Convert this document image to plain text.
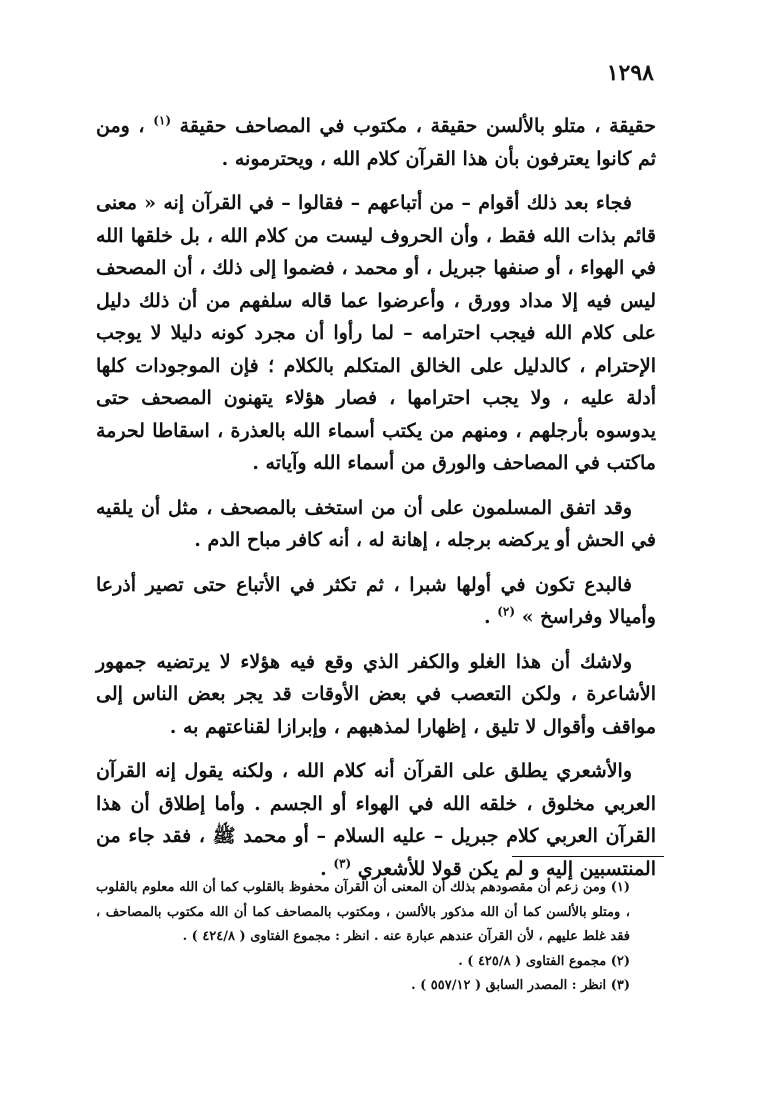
١٢٩٨

حقيقة ، متلو بالألسن حقيقة ، مكتوب في المصاحف حقيقة $^{(١)}$ ، ومن ثم كانوا يعترفون بأن هذا القرآن كلام الله ، ويحترمونه .

فجاء بعد ذلك أقوام – من أتباعهم – فقالوا – في القرآن إنه « معنى قائم بذات الله فقط ، وأن الحروف ليست من كلام الله ، بل خلقها الله في الهواء ، أو صنفها جبريل ، أو محمد ، فضموا إلى ذلك ، أن المصحف ليس فيه إلا مداد وورق ، وأعرضوا عما قاله سلفهم من أن ذلك دليل على كلام الله فيجب احترامه – لما رأوا أن مجرد كونه دليلا لا يوجب الإحترام ، كالدليل على الخالق المتكلم بالكلام ؛ فإن الموجودات كلها أدلة عليه ، ولا يجب احترامها ، فصار هؤلاء يتهنون المصحف حتى يدوسوه بأرجلهم ، ومنهم من يكتب أسماء الله بالعذرة ، اسقاطا لحرمة ماكتب في المصاحف والورق من أسماء الله وآياته .

وقد اتفق المسلمون على أن من استخف بالمصحف ، مثل أن يلقيه في الحش أو يركضه برجله ، إهانة له ، أنه كافر مباح الدم .

فالبدع تكون في أولها شبرا ، ثم تكثر في الأتباع حتى تصير أذرعا وأميالا وفراسخ » $^{(٢)}$ .

ولاشك أن هذا الغلو والكفر الذي وقع فيه هؤلاء لا يرتضيه جمهور الأشاعرة ، ولكن التعصب في بعض الأوقات قد يجر بعض الناس إلى مواقف وأقوال لا تليق ، إظهارا لمذهبهم ، وإبرازا لقناعتهم به .

والأشعري يطلق على القرآن أنه كلام الله ، ولكنه يقول إنه القرآن العربي مخلوق ، خلقه الله في الهواء أو الجسم . وأما إطلاق أن هذا القرآن العربي كلام جبريل – عليه السلام – أو محمد ﷺ ، فقد جاء من المنتسبين إليه و لم يكن قولا للأشعري $^{(٣)}$ .

(١) ومن زعم أن مقصودهم بذلك أن المعنى أن القرآن محفوظ بالقلوب كما أن الله معلوم بالقلوب ، ومتلو بالألسن كما أن الله مذكور بالألسن ، ومكتوب بالمصاحف كما أن الله مكتوب بالمصاحف ، فقد غلط عليهم ، لأن القرآن عندهم عبارة عنه . انظر : مجموع الفتاوى ( ٤٢٤/٨ ) .

(٢) مجموع الفتاوى ( ٤٢٥/٨ ) .

(٣) انظر : المصدر السابق ( ٥٥٧/١٢ ) .
